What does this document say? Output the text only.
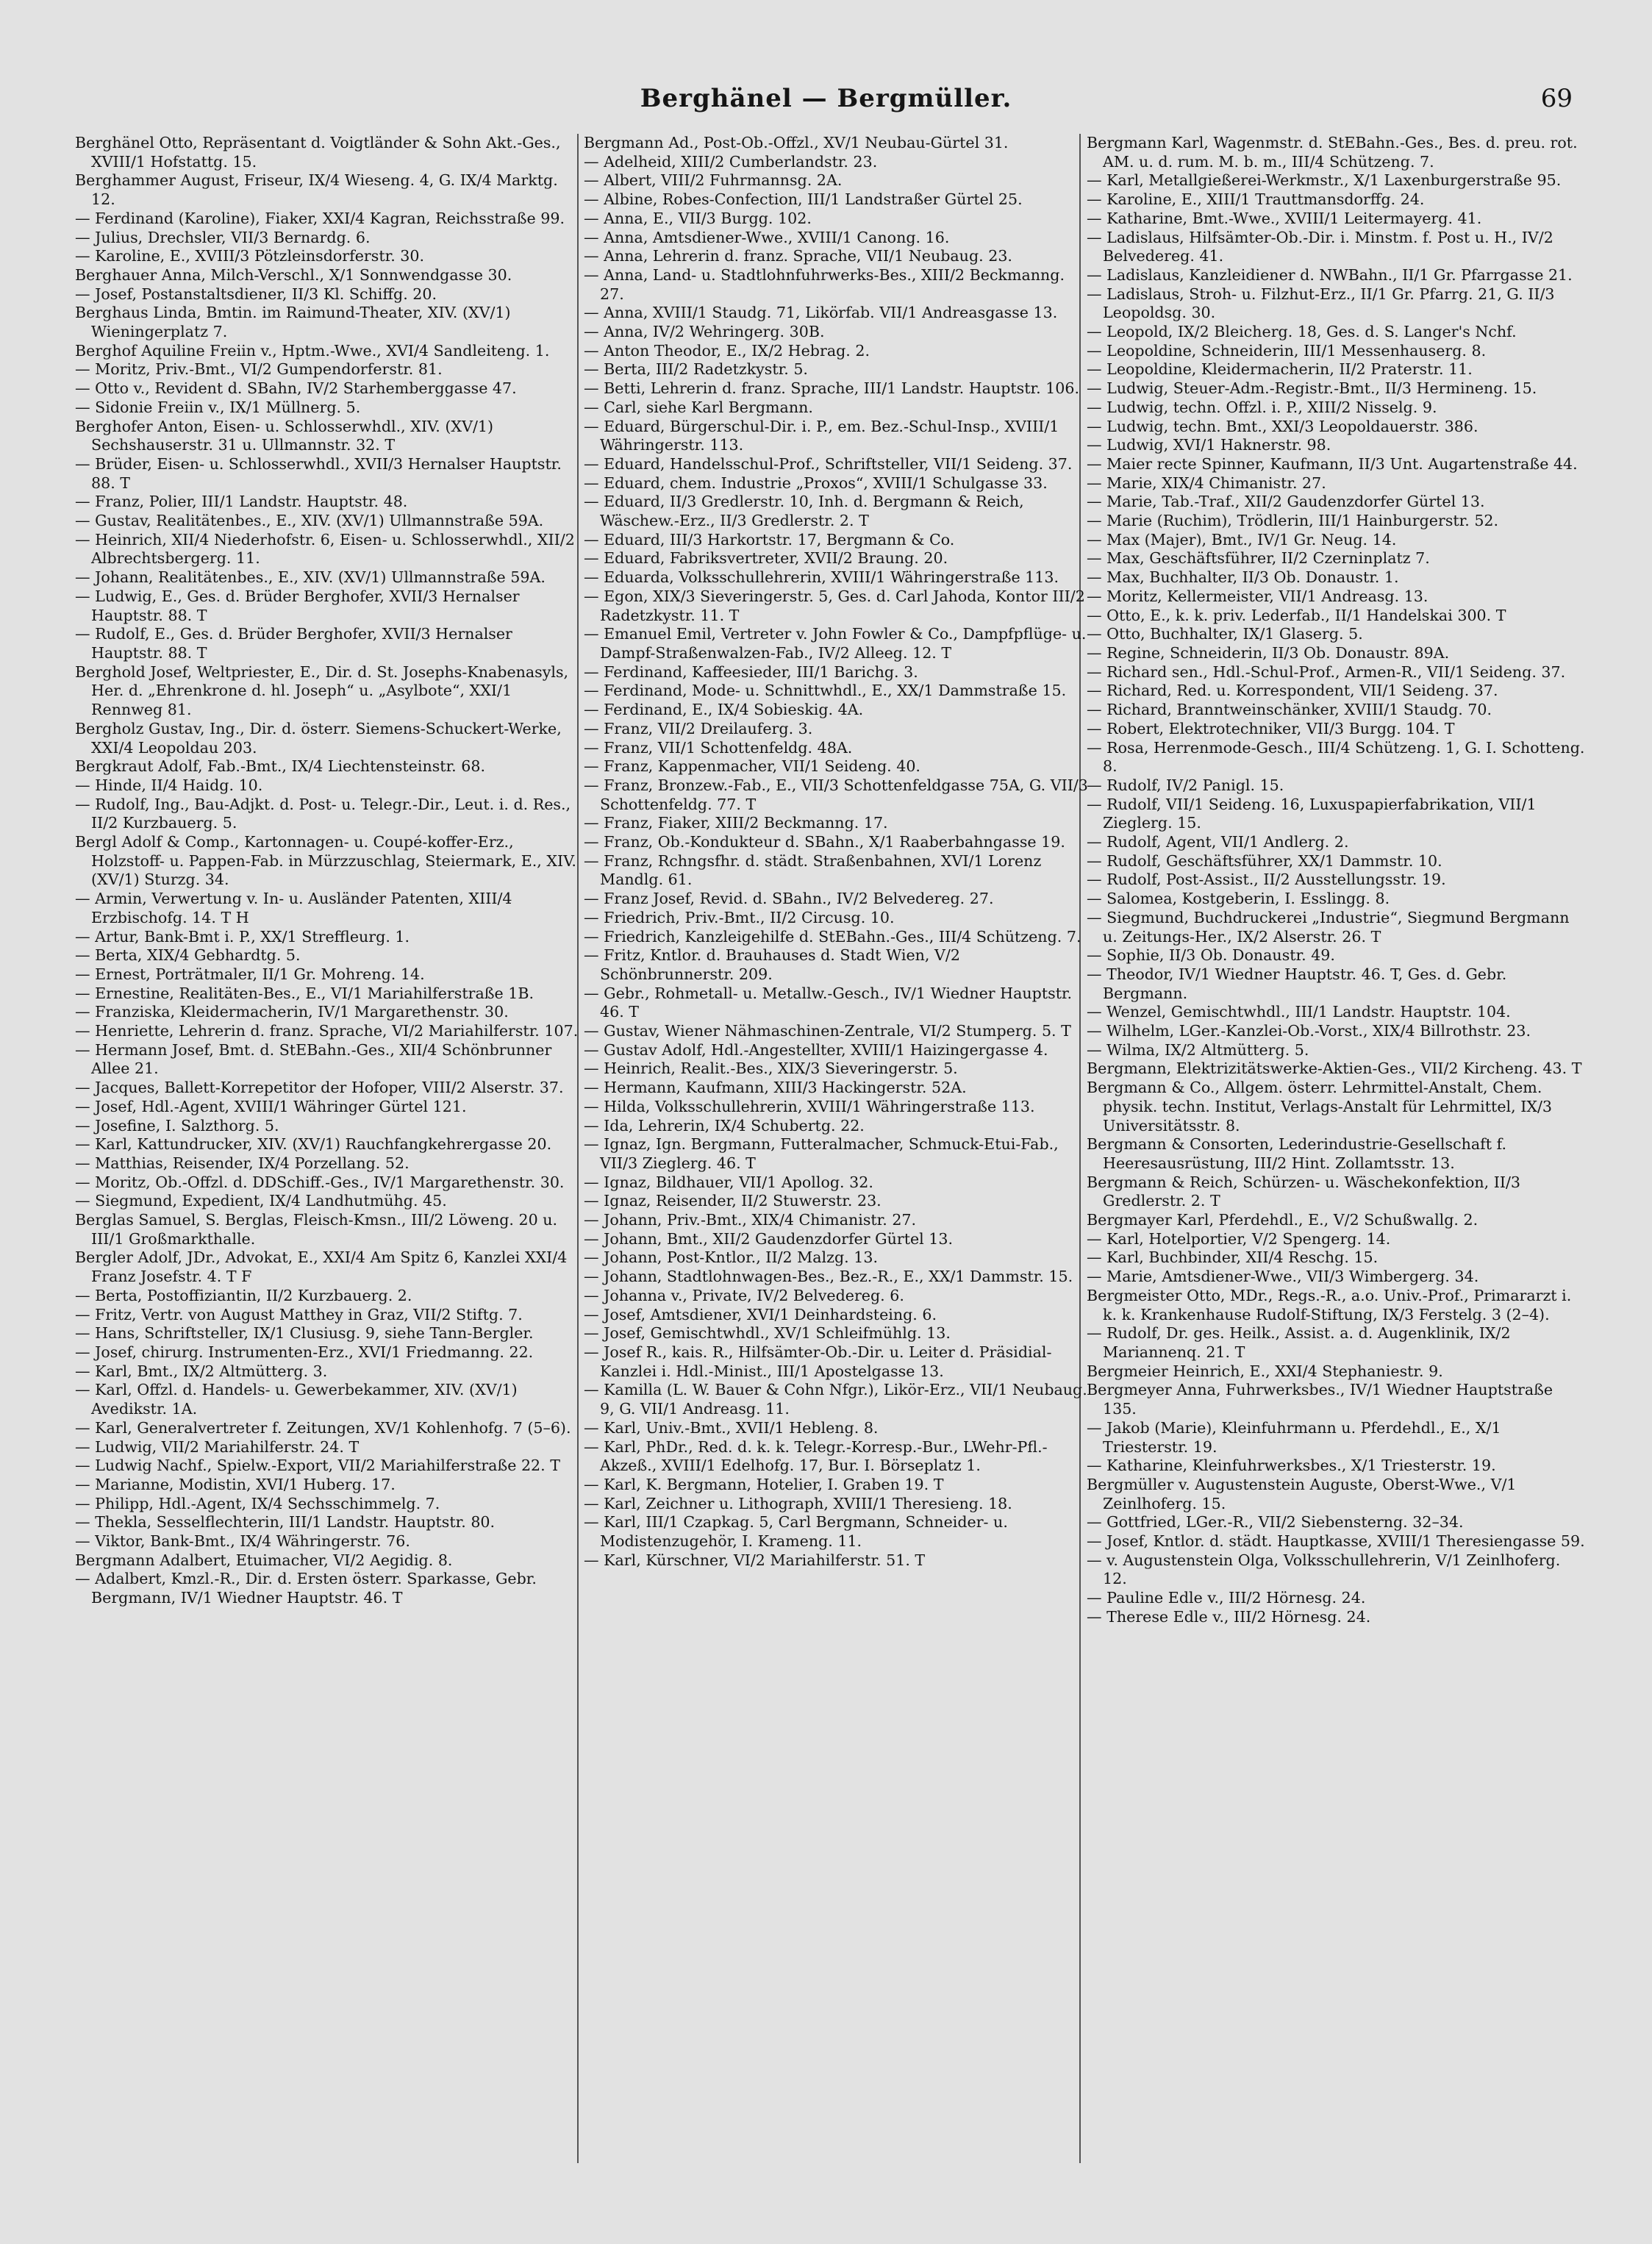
Berghänel — Bergmüller.	69

Berghänel Otto, Repräsentant d. Voigtländer & Sohn Akt.-Ges., XVIII/1 Hofstattg. 15.

Berghammer August, Friseur, IX/4 Wieseng. 4, G. IX/4 Marktg. 12.

— Ferdinand (Karoline), Fiaker, XXI/4 Kagran, Reichsstraße 99.

— Julius, Drechsler, VII/3 Bernardg. 6.

— Karoline, E., XVIII/3 Pötzleinsdorferstr. 30.

Berghauer Anna, Milch-Verschl., X/1 Sonnwendgasse 30.

— Josef, Postanstaltsdiener, II/3 Kl. Schiffg. 20.

Berghaus Linda, Bmtin. im Raimund-Theater, XIV. (XV/1) Wieningerplatz 7.

Berghof Aquiline Freiin v., Hptm.-Wwe., XVI/4 Sandleiteng. 1.

— Moritz, Priv.-Bmt., VI/2 Gumpendorferstr. 81.

— Otto v., Revident d. SBahn, IV/2 Starhemberggasse 47.

— Sidonie Freiin v., IX/1 Müllnerg. 5.

Berghofer Anton, Eisen- u. Schlosserwhdl., XIV. (XV/1) Sechshauserstr. 31 u. Ullmannstr. 32. T

— Brüder, Eisen- u. Schlosserwhdl., XVII/3 Hernalser Hauptstr. 88. T

— Franz, Polier, III/1 Landstr. Hauptstr. 48.

— Gustav, Realitätenbes., E., XIV. (XV/1) Ullmannstraße 59A.

— Heinrich, XII/4 Niederhofstr. 6, Eisen- u. Schlosserwhdl., XII/2 Albrechtsbergerg. 11.

— Johann, Realitätenbes., E., XIV. (XV/1) Ullmannstraße 59A.

— Ludwig, E., Ges. d. Brüder Berghofer, XVII/3 Hernalser Hauptstr. 88. T

— Rudolf, E., Ges. d. Brüder Berghofer, XVII/3 Hernalser Hauptstr. 88. T

Berghold Josef, Weltpriester, E., Dir. d. St. Josephs-Knabenasyls, Her. d. „Ehrenkrone d. hl. Joseph“ u. „Asylbote“, XXI/1 Rennweg 81.

Bergholz Gustav, Ing., Dir. d. österr. Siemens-Schuckert-Werke, XXI/4 Leopoldau 203.

Bergkraut Adolf, Fab.-Bmt., IX/4 Liechtensteinstr. 68.

— Hinde, II/4 Haidg. 10.

— Rudolf, Ing., Bau-Adjkt. d. Post- u. Telegr.-Dir., Leut. i. d. Res., II/2 Kurzbauerg. 5.

Bergl Adolf & Comp., Kartonnagen- u. Coupé-koffer-Erz., Holzstoff- u. Pappen-Fab. in Mürzzuschlag, Steiermark, E., XIV. (XV/1) Sturzg. 34.

— Armin, Verwertung v. In- u. Ausländer Patenten, XIII/4 Erzbischofg. 14. T H

— Artur, Bank-Bmt i. P., XX/1 Streffleurg. 1.

— Berta, XIX/4 Gebhardtg. 5.

— Ernest, Porträtmaler, II/1 Gr. Mohreng. 14.

— Ernestine, Realitäten-Bes., E., VI/1 Mariahilferstraße 1B.

— Franziska, Kleidermacherin, IV/1 Margarethenstr. 30.

— Henriette, Lehrerin d. franz. Sprache, VI/2 Mariahilferstr. 107.

— Hermann Josef, Bmt. d. StEBahn.-Ges., XII/4 Schönbrunner Allee 21.

— Jacques, Ballett-Korrepetitor der Hofoper, VIII/2 Alserstr. 37.

— Josef, Hdl.-Agent, XVIII/1 Währinger Gürtel 121.

— Josefine, I. Salzthorg. 5.

— Karl, Kattundrucker, XIV. (XV/1) Rauchfangkehrergasse 20.

— Matthias, Reisender, IX/4 Porzellang. 52.

— Moritz, Ob.-Offzl. d. DDSchiff.-Ges., IV/1 Margarethenstr. 30.

— Siegmund, Expedient, IX/4 Landhutmühg. 45.

Berglas Samuel, S. Berglas, Fleisch-Kmsn., III/2 Löweng. 20 u. III/1 Großmarkthalle.

Bergler Adolf, JDr., Advokat, E., XXI/4 Am Spitz 6, Kanzlei XXI/4 Franz Josefstr. 4. T F

— Berta, Postoffiziantin, II/2 Kurzbauerg. 2.

— Fritz, Vertr. von August Matthey in Graz, VII/2 Stiftg. 7.

— Hans, Schriftsteller, IX/1 Clusiusg. 9, siehe Tann-Bergler.

— Josef, chirurg. Instrumenten-Erz., XVI/1 Friedmanng. 22.

— Karl, Bmt., IX/2 Altmütterg. 3.

— Karl, Offzl. d. Handels- u. Gewerbekammer, XIV. (XV/1) Avedikstr. 1A.

— Karl, Generalvertreter f. Zeitungen, XV/1 Kohlenhofg. 7 (5–6).

— Ludwig, VII/2 Mariahilferstr. 24. T

— Ludwig Nachf., Spielw.-Export, VII/2 Mariahilferstraße 22. T

— Marianne, Modistin, XVI/1 Huberg. 17.

— Philipp, Hdl.-Agent, IX/4 Sechsschimmelg. 7.

— Thekla, Sesselflechterin, III/1 Landstr. Hauptstr. 80.

— Viktor, Bank-Bmt., IX/4 Währingerstr. 76.

Bergmann Adalbert, Etuimacher, VI/2 Aegidig. 8.

— Adalbert, Kmzl.-R., Dir. d. Ersten österr. Sparkasse, Gebr. Bergmann, IV/1 Wiedner Hauptstr. 46. T

Bergmann Ad., Post-Ob.-Offzl., XV/1 Neubau-Gürtel 31.

— Adelheid, XIII/2 Cumberlandstr. 23.

— Albert, VIII/2 Fuhrmannsg. 2A.

— Albine, Robes-Confection, III/1 Landstraßer Gürtel 25.

— Anna, E., VII/3 Burgg. 102.

— Anna, Amtsdiener-Wwe., XVIII/1 Canong. 16.

— Anna, Lehrerin d. franz. Sprache, VII/1 Neubaug. 23.

— Anna, Land- u. Stadtlohnfuhrwerks-Bes., XIII/2 Beckmanng. 27.

— Anna, XVIII/1 Staudg. 71, Likörfab. VII/1 Andreasgasse 13.

— Anna, IV/2 Wehringerg. 30B.

— Anton Theodor, E., IX/2 Hebrag. 2.

— Berta, III/2 Radetzkystr. 5.

— Betti, Lehrerin d. franz. Sprache, III/1 Landstr. Hauptstr. 106.

— Carl, siehe Karl Bergmann.

— Eduard, Bürgerschul-Dir. i. P., em. Bez.-Schul-Insp., XVIII/1 Währingerstr. 113.

— Eduard, Handelsschul-Prof., Schriftsteller, VII/1 Seideng. 37.

— Eduard, chem. Industrie „Proxos“, XVIII/1 Schulgasse 33.

— Eduard, II/3 Gredlerstr. 10, Inh. d. Bergmann & Reich, Wäschew.-Erz., II/3 Gredlerstr. 2. T

— Eduard, III/3 Harkortstr. 17, Bergmann & Co.

— Eduard, Fabriksvertreter, XVII/2 Braung. 20.

— Eduarda, Volksschullehrerin, XVIII/1 Währingerstraße 113.

— Egon, XIX/3 Sieveringerstr. 5, Ges. d. Carl Jahoda, Kontor III/2 Radetzkystr. 11. T

— Emanuel Emil, Vertreter v. John Fowler & Co., Dampfpflüge- u. Dampf-Straßenwalzen-Fab., IV/2 Alleeg. 12. T

— Ferdinand, Kaffeesieder, III/1 Barichg. 3.

— Ferdinand, Mode- u. Schnittwhdl., E., XX/1 Dammstraße 15.

— Ferdinand, E., IX/4 Sobieskig. 4A.

— Franz, VII/2 Dreilauferg. 3.

— Franz, VII/1 Schottenfeldg. 48A.

— Franz, Kappenmacher, VII/1 Seideng. 40.

— Franz, Bronzew.-Fab., E., VII/3 Schottenfeldgasse 75A, G. VII/3 Schottenfeldg. 77. T

— Franz, Fiaker, XIII/2 Beckmanng. 17.

— Franz, Ob.-Kondukteur d. SBahn., X/1 Raaberbahngasse 19.

— Franz, Rchngsfhr. d. städt. Straßenbahnen, XVI/1 Lorenz Mandlg. 61.

— Franz Josef, Revid. d. SBahn., IV/2 Belvedereg. 27.

— Friedrich, Priv.-Bmt., II/2 Circusg. 10.

— Friedrich, Kanzleigehilfe d. StEBahn.-Ges., III/4 Schützeng. 7.

— Fritz, Kntlor. d. Brauhauses d. Stadt Wien, V/2 Schönbrunnerstr. 209.

— Gebr., Rohmetall- u. Metallw.-Gesch., IV/1 Wiedner Hauptstr. 46. T

— Gustav, Wiener Nähmaschinen-Zentrale, VI/2 Stumperg. 5. T

— Gustav Adolf, Hdl.-Angestellter, XVIII/1 Haizingergasse 4.

— Heinrich, Realit.-Bes., XIX/3 Sieveringerstr. 5.

— Hermann, Kaufmann, XIII/3 Hackingerstr. 52A.

— Hilda, Volksschullehrerin, XVIII/1 Währingerstraße 113.

— Ida, Lehrerin, IX/4 Schubertg. 22.

— Ignaz, Ign. Bergmann, Futteralmacher, Schmuck-Etui-Fab., VII/3 Zieglerg. 46. T

— Ignaz, Bildhauer, VII/1 Apollog. 32.

— Ignaz, Reisender, II/2 Stuwerstr. 23.

— Johann, Priv.-Bmt., XIX/4 Chimanistr. 27.

— Johann, Bmt., XII/2 Gaudenzdorfer Gürtel 13.

— Johann, Post-Kntlor., II/2 Malzg. 13.

— Johann, Stadtlohnwagen-Bes., Bez.-R., E., XX/1 Dammstr. 15.

— Johanna v., Private, IV/2 Belvedereg. 6.

— Josef, Amtsdiener, XVI/1 Deinhardsteing. 6.

— Josef, Gemischtwhdl., XV/1 Schleifmühlg. 13.

— Josef R., kais. R., Hilfsämter-Ob.-Dir. u. Leiter d. Präsidial-Kanzlei i. Hdl.-Minist., III/1 Apostelgasse 13.

— Kamilla (L. W. Bauer & Cohn Nfgr.), Likör-Erz., VII/1 Neubaug. 9, G. VII/1 Andreasg. 11.

— Karl, Univ.-Bmt., XVII/1 Hebleng. 8.

— Karl, PhDr., Red. d. k. k. Telegr.-Korresp.-Bur., LWehr-Pfl.-Akzeß., XVIII/1 Edelhofg. 17, Bur. I. Börseplatz 1.

— Karl, K. Bergmann, Hotelier, I. Graben 19. T

— Karl, Zeichner u. Lithograph, XVIII/1 Theresieng. 18.

— Karl, III/1 Czapkag. 5, Carl Bergmann, Schneider- u. Modistenzugehör, I. Krameng. 11.

— Karl, Kürschner, VI/2 Mariahilferstr. 51. T

Bergmann Karl, Wagenmstr. d. StEBahn.-Ges., Bes. d. preu. rot. AM. u. d. rum. M. b. m., III/4 Schützeng. 7.

— Karl, Metallgießerei-Werkmstr., X/1 Laxenburgerstraße 95.

— Karoline, E., XIII/1 Trauttmansdorffg. 24.

— Katharine, Bmt.-Wwe., XVIII/1 Leitermayerg. 41.

— Ladislaus, Hilfsämter-Ob.-Dir. i. Minstm. f. Post u. H., IV/2 Belvedereg. 41.

— Ladislaus, Kanzleidiener d. NWBahn., II/1 Gr. Pfarrgasse 21.

— Ladislaus, Stroh- u. Filzhut-Erz., II/1 Gr. Pfarrg. 21, G. II/3 Leopoldsg. 30.

— Leopold, IX/2 Bleicherg. 18, Ges. d. S. Langer's Nchf.

— Leopoldine, Schneiderin, III/1 Messenhauserg. 8.

— Leopoldine, Kleidermacherin, II/2 Praterstr. 11.

— Ludwig, Steuer-Adm.-Registr.-Bmt., II/3 Hermineng. 15.

— Ludwig, techn. Offzl. i. P., XIII/2 Nisselg. 9.

— Ludwig, techn. Bmt., XXI/3 Leopoldauerstr. 386.

— Ludwig, XVI/1 Haknerstr. 98.

— Maier recte Spinner, Kaufmann, II/3 Unt. Augartenstraße 44.

— Marie, XIX/4 Chimanistr. 27.

— Marie, Tab.-Traf., XII/2 Gaudenzdorfer Gürtel 13.

— Marie (Ruchim), Trödlerin, III/1 Hainburgerstr. 52.

— Max (Majer), Bmt., IV/1 Gr. Neug. 14.

— Max, Geschäftsführer, II/2 Czerninplatz 7.

— Max, Buchhalter, II/3 Ob. Donaustr. 1.

— Moritz, Kellermeister, VII/1 Andreasg. 13.

— Otto, E., k. k. priv. Lederfab., II/1 Handelskai 300. T

— Otto, Buchhalter, IX/1 Glaserg. 5.

— Regine, Schneiderin, II/3 Ob. Donaustr. 89A.

— Richard sen., Hdl.-Schul-Prof., Armen-R., VII/1 Seideng. 37.

— Richard, Red. u. Korrespondent, VII/1 Seideng. 37.

— Richard, Branntweinschänker, XVIII/1 Staudg. 70.

— Robert, Elektrotechniker, VII/3 Burgg. 104. T

— Rosa, Herrenmode-Gesch., III/4 Schützeng. 1, G. I. Schotteng. 8.

— Rudolf, IV/2 Panigl. 15.

— Rudolf, VII/1 Seideng. 16, Luxuspapierfabrikation, VII/1 Zieglerg. 15.

— Rudolf, Agent, VII/1 Andlerg. 2.

— Rudolf, Geschäftsführer, XX/1 Dammstr. 10.

— Rudolf, Post-Assist., II/2 Ausstellungsstr. 19.

— Salomea, Kostgeberin, I. Esslingg. 8.

— Siegmund, Buchdruckerei „Industrie“, Siegmund Bergmann u. Zeitungs-Her., IX/2 Alserstr. 26. T

— Sophie, II/3 Ob. Donaustr. 49.

— Theodor, IV/1 Wiedner Hauptstr. 46. T, Ges. d. Gebr. Bergmann.

— Wenzel, Gemischtwhdl., III/1 Landstr. Hauptstr. 104.

— Wilhelm, LGer.-Kanzlei-Ob.-Vorst., XIX/4 Billrothstr. 23.

— Wilma, IX/2 Altmütterg. 5.

Bergmann, Elektrizitätswerke-Aktien-Ges., VII/2 Kircheng. 43. T

Bergmann & Co., Allgem. österr. Lehrmittel-Anstalt, Chem. physik. techn. Institut, Verlags-Anstalt für Lehrmittel, IX/3 Universitätsstr. 8.

Bergmann & Consorten, Lederindustrie-Gesellschaft f. Heeresausrüstung, III/2 Hint. Zollamtsstr. 13.

Bergmann & Reich, Schürzen- u. Wäschekonfektion, II/3 Gredlerstr. 2. T

Bergmayer Karl, Pferdehdl., E., V/2 Schußwallg. 2.

— Karl, Hotelportier, V/2 Spengerg. 14.

— Karl, Buchbinder, XII/4 Reschg. 15.

— Marie, Amtsdiener-Wwe., VII/3 Wimbergerg. 34.

Bergmeister Otto, MDr., Regs.-R., a.o. Univ.-Prof., Primararzt i. k. k. Krankenhause Rudolf-Stiftung, IX/3 Ferstelg. 3 (2–4).

— Rudolf, Dr. ges. Heilk., Assist. a. d. Augenklinik, IX/2 Mariannenq. 21. T

Bergmeier Heinrich, E., XXI/4 Stephaniestr. 9.

Bergmeyer Anna, Fuhrwerksbes., IV/1 Wiedner Hauptstraße 135.

— Jakob (Marie), Kleinfuhrmann u. Pferdehdl., E., X/1 Triesterstr. 19.

— Katharine, Kleinfuhrwerksbes., X/1 Triesterstr. 19.

Bergmüller v. Augustenstein Auguste, Oberst-Wwe., V/1 Zeinlhoferg. 15.

— Gottfried, LGer.-R., VII/2 Siebensterng. 32–34.

— Josef, Kntlor. d. städt. Hauptkasse, XVIII/1 Theresiengasse 59.

— v. Augustenstein Olga, Volksschullehrerin, V/1 Zeinlhoferg. 12.

— Pauline Edle v., III/2 Hörnesg. 24.

— Therese Edle v., III/2 Hörnesg. 24.
